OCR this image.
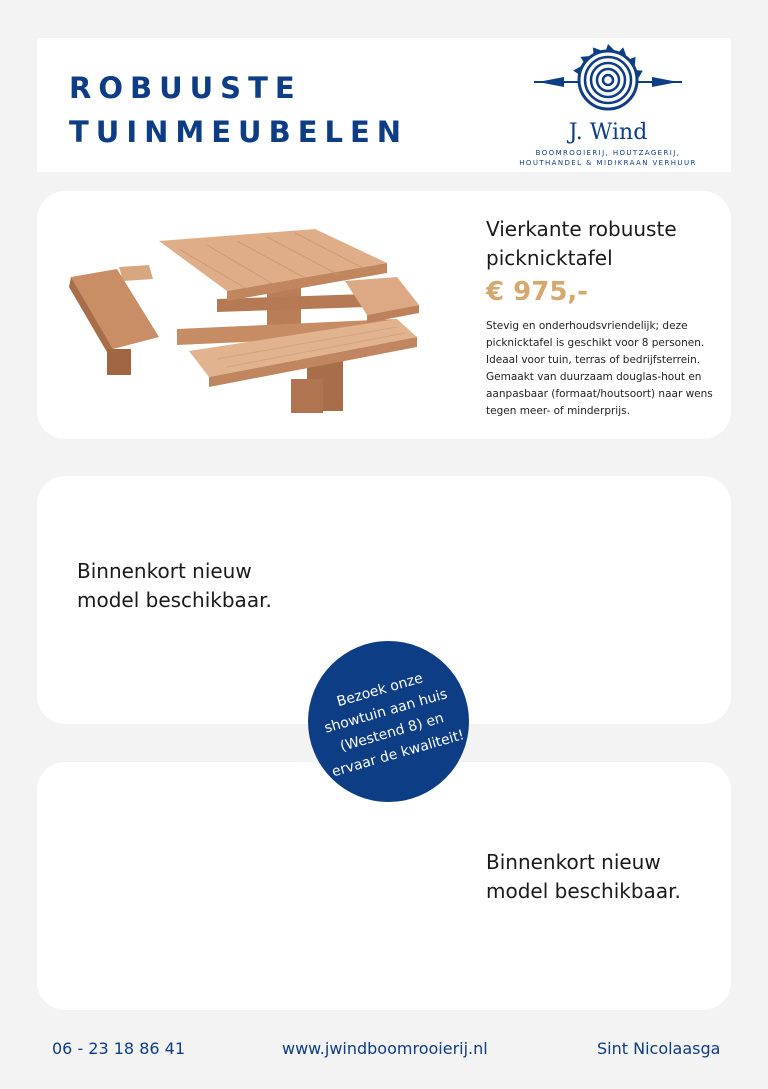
ROBUUSTE
TUINMEUBELEN	J. Wind
BOOMROOIERIJ, HOUTZAGERIJ,
HOUTHANDEL & MIDIKRAAN VERHUUR
Vierkante robuuste picknicktafel
€ 975,-
Stevig en onderhoudsvriendelijk; deze picknicktafel is geschikt voor 8 personen. Ideaal voor tuin, terras of bedrijfsterrein. Gemaakt van duurzaam douglas-hout en aanpasbaar (formaat/houtsoort) naar wens tegen meer- of minderprijs.
Binnenkort nieuw model beschikbaar.
Binnenkort nieuw model beschikbaar.
Bezoek onze showtuin aan huis (Westend 8) en ervaar de kwaliteit!
06 - 23 18 86 41	www.jwindboomrooierij.nl	Sint Nicolaasga
